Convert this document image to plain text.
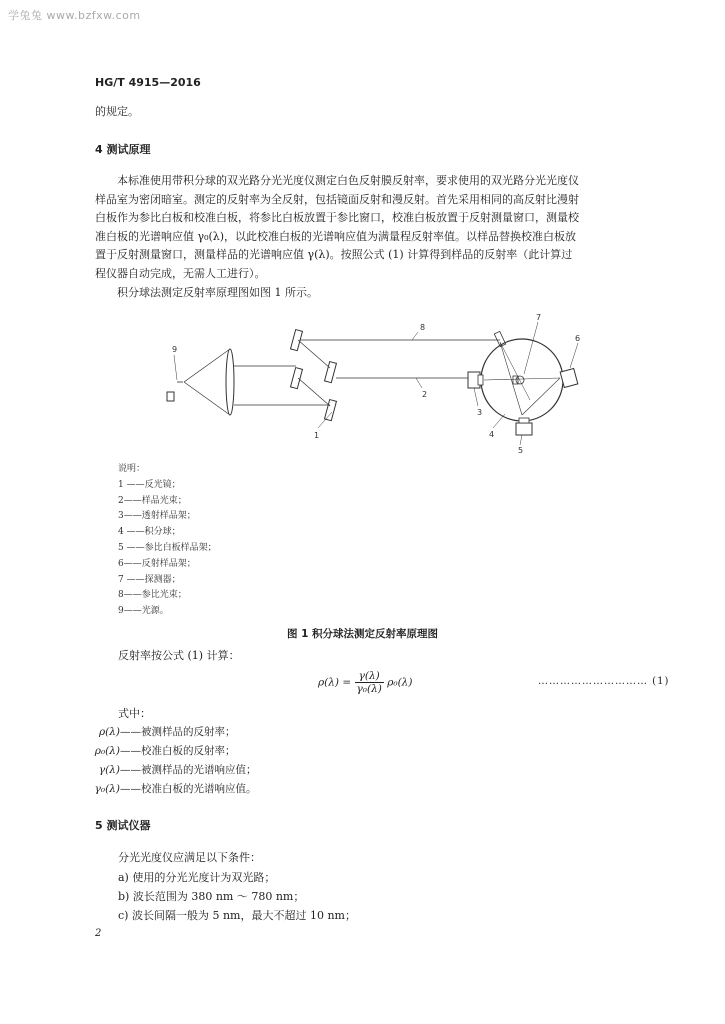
学兔兔 www.bzfxw.com
HG/T 4915—2016
的规定。
4 测试原理
本标准使用带积分球的双光路分光光度仪测定白色反射膜反射率，要求使用的双光路分光光度仪
样品室为密闭暗室。测定的反射率为全反射，包括镜面反射和漫反射。首先采用相同的高反射比漫射
白板作为参比白板和校准白板，将参比白板放置于参比窗口，校准白板放置于反射测量窗口，测量校
准白板的光谱响应值 γ₀(λ)，以此校准白板的光谱响应值为满量程反射率值。以样品替换校准白板放
置于反射测量窗口，测量样品的光谱响应值 γ(λ)。按照公式 (1) 计算得到样品的反射率（此计算过
程仪器自动完成，无需人工进行）。
积分球法测定反射率原理图如图 1 所示。
9
8
2
1
3
4
5
6
7
说明：
1 ——反光镜；
2——样品光束；
3——透射样品架；
4 ——积分球；
5 ——参比白板样品架；
6——反射样品架；
7 ——探测器；
8——参比光束；
9——光源。
图 1 积分球法测定反射率原理图
反射率按公式 (1) 计算：
$\rho(\lambda) = \frac{\gamma(\lambda)}{\text{γ₀(λ)}} \rho_0(\lambda)$	………………………… (1)
式中：
ρ(λ)——被测样品的反射率；
ρ₀(λ)——校准白板的反射率；
γ(λ)——被测样品的光谱响应值；
γ₀(λ)——校准白板的光谱响应值。
5 测试仪器
分光光度仪应满足以下条件：
a) 使用的分光光度计为双光路；
b) 波长范围为 380 nm ～ 780 nm；
c) 波长间隔一般为 5 nm，最大不超过 10 nm；
2
